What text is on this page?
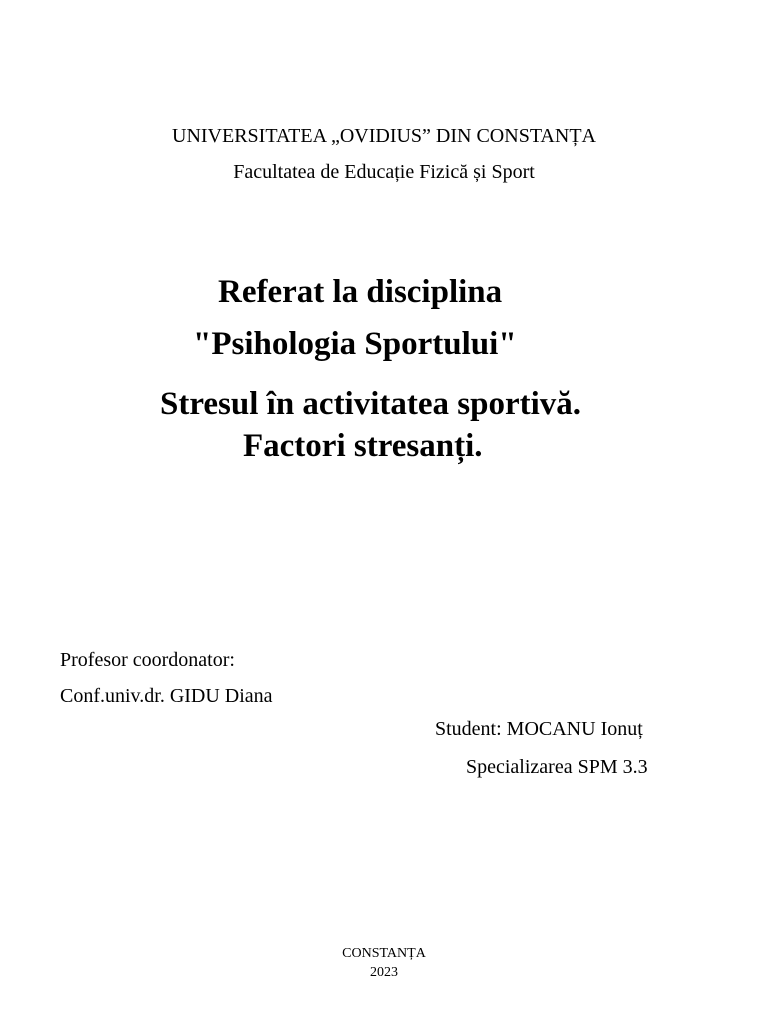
UNIVERSITATEA „OVIDIUS” DIN CONSTANȚA
Facultatea de Educație Fizică și Sport
Referat la disciplina
"Psihologia Sportului"
Stresul în activitatea sportivă.
Factori stresanți.
Profesor coordonator:
Conf.univ.dr. GIDU Diana
Student: MOCANU Ionuț
Specializarea SPM 3.3
CONSTANȚA
2023
